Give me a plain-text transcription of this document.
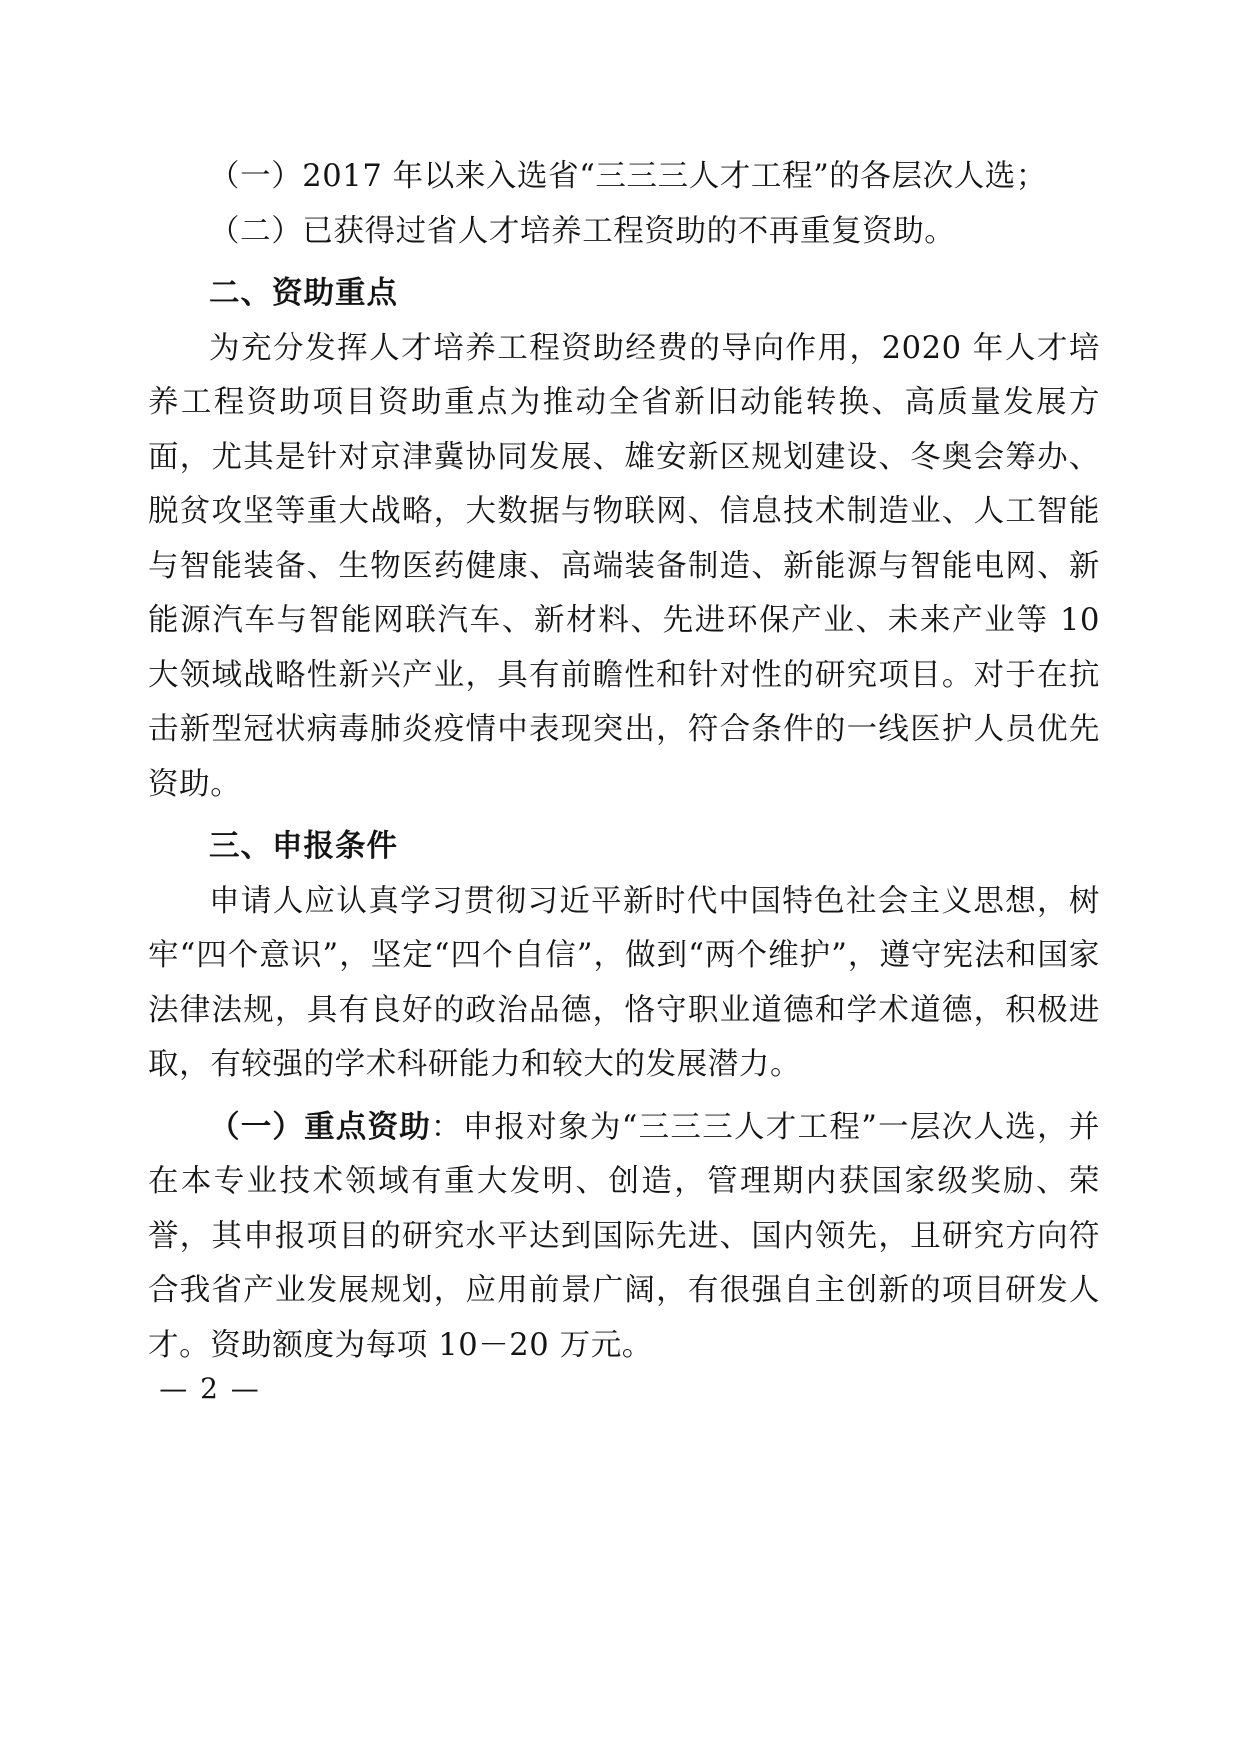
（一）2017 年以来入选省“三三三人才工程”的各层次人选；

（二）已获得过省人才培养工程资助的不再重复资助。

二、资助重点

为充分发挥人才培养工程资助经费的导向作用，2020 年人才培养工程资助项目资助重点为推动全省新旧动能转换、高质量发展方面，尤其是针对京津冀协同发展、雄安新区规划建设、冬奥会筹办、脱贫攻坚等重大战略，大数据与物联网、信息技术制造业、人工智能与智能装备、生物医药健康、高端装备制造、新能源与智能电网、新能源汽车与智能网联汽车、新材料、先进环保产业、未来产业等 10 大领域战略性新兴产业，具有前瞻性和针对性的研究项目。对于在抗击新型冠状病毒肺炎疫情中表现突出，符合条件的一线医护人员优先资助。

三、申报条件

申请人应认真学习贯彻习近平新时代中国特色社会主义思想，树牢“四个意识”，坚定“四个自信”，做到“两个维护”，遵守宪法和国家法律法规，具有良好的政治品德，恪守职业道德和学术道德，积极进取，有较强的学术科研能力和较大的发展潜力。

（一）重点资助：申报对象为“三三三人才工程”一层次人选，并在本专业技术领域有重大发明、创造，管理期内获国家级奖励、荣誉，其申报项目的研究水平达到国际先进、国内领先，且研究方向符合我省产业发展规划，应用前景广阔，有很强自主创新的项目研发人才。资助额度为每项 10－20 万元。

— 2 —
